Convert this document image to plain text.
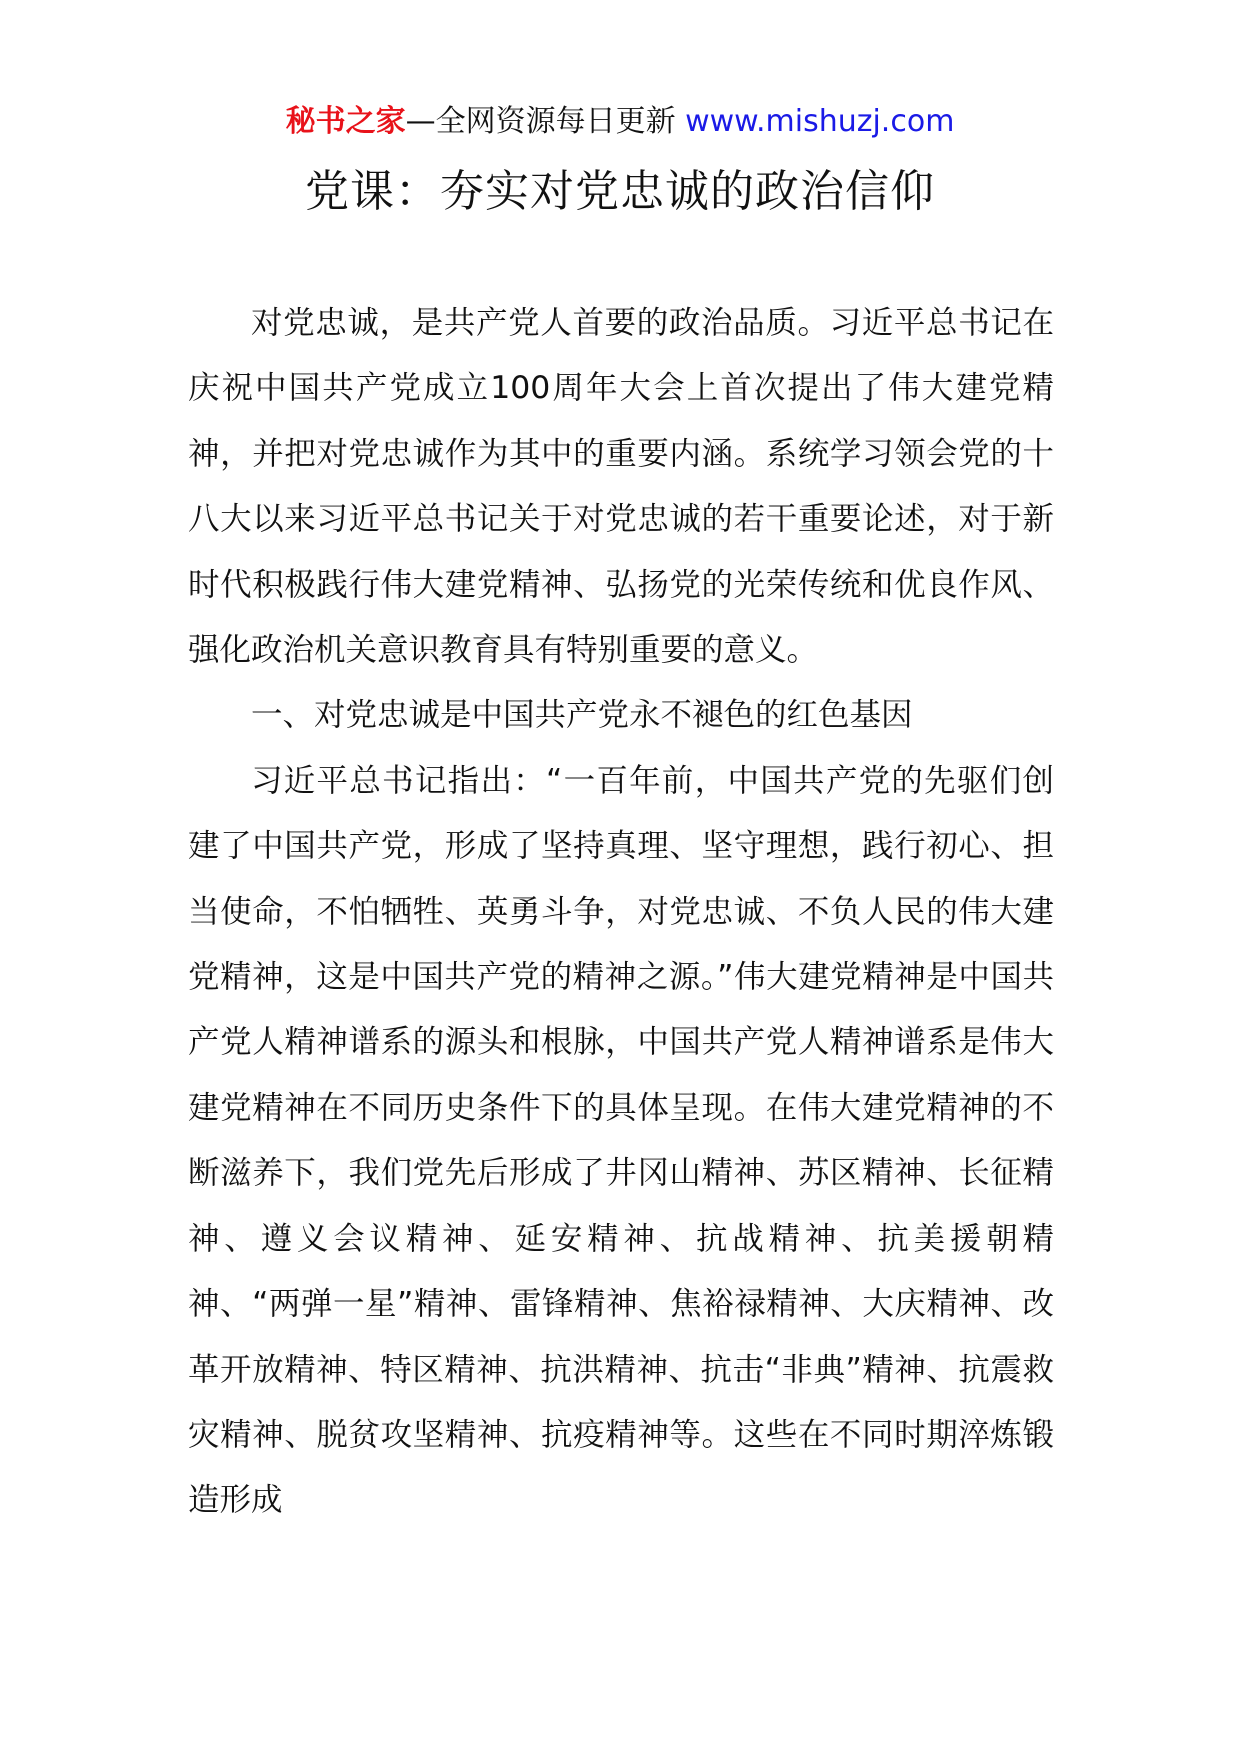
秘书之家—全网资源每日更新 www.mishuzj.com
党课：夯实对党忠诚的政治信仰

对党忠诚，是共产党人首要的政治品质。习近平总书记在庆祝中国共产党成立100周年大会上首次提出了伟大建党精神，并把对党忠诚作为其中的重要内涵。系统学习领会党的十八大以来习近平总书记关于对党忠诚的若干重要论述，对于新时代积极践行伟大建党精神、弘扬党的光荣传统和优良作风、强化政治机关意识教育具有特别重要的意义。

一、对党忠诚是中国共产党永不褪色的红色基因

习近平总书记指出：“一百年前，中国共产党的先驱们创建了中国共产党，形成了坚持真理、坚守理想，践行初心、担当使命，不怕牺牲、英勇斗争，对党忠诚、不负人民的伟大建党精神，这是中国共产党的精神之源。”伟大建党精神是中国共产党人精神谱系的源头和根脉，中国共产党人精神谱系是伟大建党精神在不同历史条件下的具体呈现。在伟大建党精神的不断滋养下，我们党先后形成了井冈山精神、苏区精神、长征精神、遵义会议精神、延安精神、抗战精神、抗美援朝精神、“两弹一星”精神、雷锋精神、焦裕禄精神、大庆精神、改革开放精神、特区精神、抗洪精神、抗击“非典”精神、抗震救灾精神、脱贫攻坚精神、抗疫精神等。这些在不同时期淬炼锻造形成
